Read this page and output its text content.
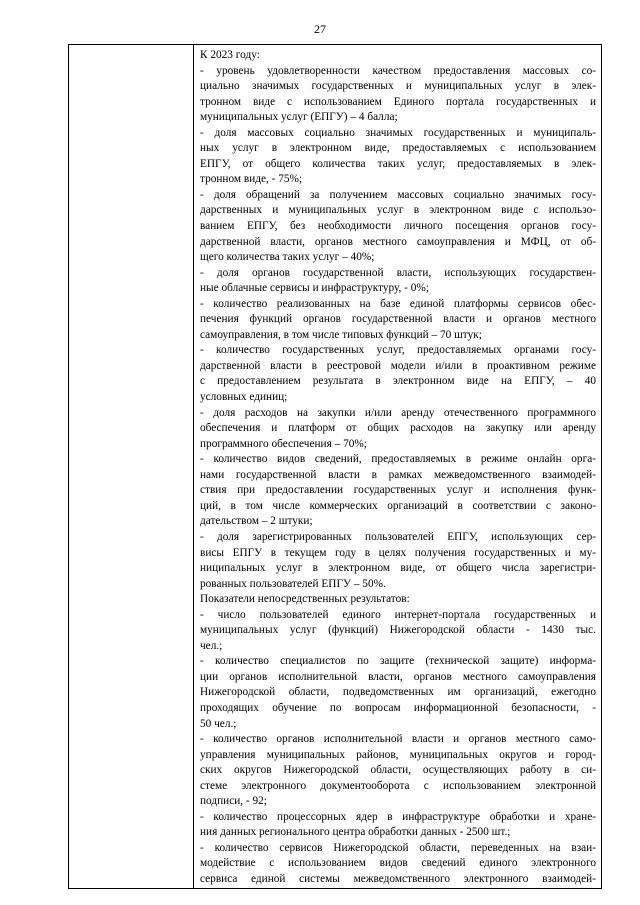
27

К 2023 году:
- уровень удовлетворенности качеством предоставления массовых со-
циально значимых государственных и муниципальных услуг в элек-
тронном виде с использованием Единого портала государственных и
муниципальных услуг (ЕПГУ) – 4 балла;
- доля массовых социально значимых государственных и муниципаль-
ных услуг в электронном виде, предоставляемых с использованием
ЕПГУ, от общего количества таких услуг, предоставляемых в элек-
тронном виде, - 75%;
- доля обращений за получением массовых социально значимых госу-
дарственных и муниципальных услуг в электронном виде с использо-
ванием ЕПГУ, без необходимости личного посещения органов госу-
дарственной власти, органов местного самоуправления и МФЦ, от об-
щего количества таких услуг – 40%;
- доля органов государственной власти, использующих государствен-
ные облачные сервисы и инфраструктуру, - 0%;
- количество реализованных на базе единой платформы сервисов обес-
печения функций органов государственной власти и органов местного
самоуправления, в том числе типовых функций – 70 штук;
- количество государственных услуг, предоставляемых органами госу-
дарственной власти в реестровой модели и/или в проактивном режиме
с предоставлением результата в электронном виде на ЕПГУ, – 40
условных единиц;
- доля расходов на закупки и/или аренду отечественного программного
обеспечения и платформ от общих расходов на закупку или аренду
программного обеспечения – 70%;
- количество видов сведений, предоставляемых в режиме онлайн орга-
нами государственной власти в рамках межведомственного взаимодей-
ствия при предоставлении государственных услуг и исполнения функ-
ций, в том числе коммерческих организаций в соответствии с законо-
дательством – 2 штуки;
- доля зарегистрированных пользователей ЕПГУ, использующих сер-
висы ЕПГУ в текущем году в целях получения государственных и му-
ниципальных услуг в электронном виде, от общего числа зарегистри-
рованных пользователей ЕПГУ – 50%.
Показатели непосредственных результатов:
- число пользователей единого интернет-портала государственных и
муниципальных услуг (функций) Нижегородской области - 1430 тыс.
чел.;
- количество специалистов по защите (технической защите) информа-
ции органов исполнительной власти, органов местного самоуправления
Нижегородской области, подведомственных им организаций, ежегодно
проходящих обучение по вопросам информационной безопасности, -
50 чел.;
- количество органов исполнительной власти и органов местного само-
управления муниципальных районов, муниципальных округов и город-
ских округов Нижегородской области, осуществляющих работу в си-
стеме электронного документооборота с использованием электронной
подписи, - 92;
- количество процессорных ядер в инфраструктуре обработки и хране-
ния данных регионального центра обработки данных - 2500 шт.;
- количество сервисов Нижегородской области, переведенных на взаи-
модействие с использованием видов сведений единого электронного
сервиса единой системы межведомственного электронного взаимодей-
